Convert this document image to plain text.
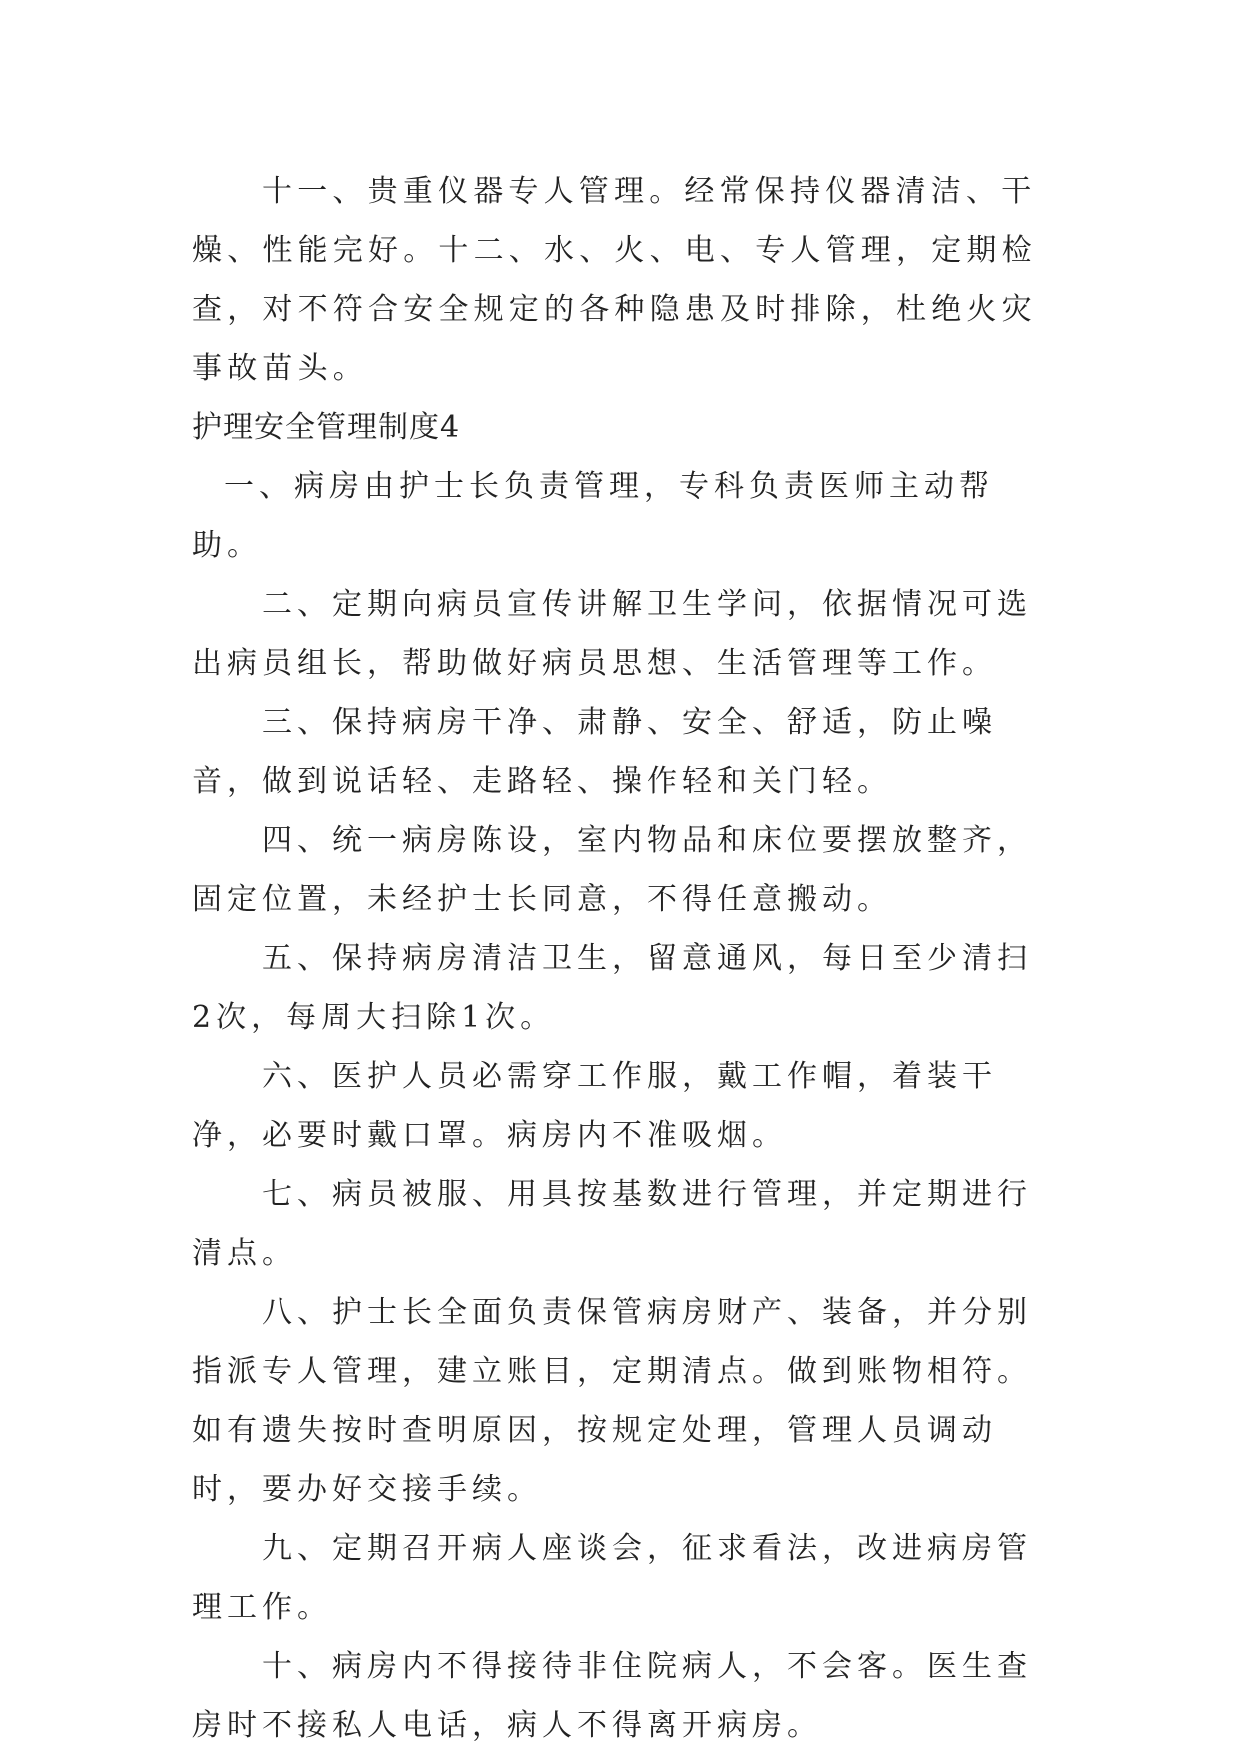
十一、贵重仪器专人管理。经常保持仪器清洁、干燥、性能完好。十二、水、火、电、专人管理，定期检查，对不符合安全规定的各种隐患及时排除，杜绝火灾事故苗头。

护理安全管理制度4

一、病房由护士长负责管理，专科负责医师主动帮助。

二、定期向病员宣传讲解卫生学问，依据情况可选出病员组长，帮助做好病员思想、生活管理等工作。

三、保持病房干净、肃静、安全、舒适，防止噪音，做到说话轻、走路轻、操作轻和关门轻。

四、统一病房陈设，室内物品和床位要摆放整齐，固定位置，未经护士长同意，不得任意搬动。

五、保持病房清洁卫生，留意通风，每日至少清扫2次，每周大扫除1次。

六、医护人员必需穿工作服，戴工作帽，着装干净，必要时戴口罩。病房内不准吸烟。

七、病员被服、用具按基数进行管理，并定期进行清点。

八、护士长全面负责保管病房财产、装备，并分别指派专人管理，建立账目，定期清点。做到账物相符。如有遗失按时查明原因，按规定处理，管理人员调动时，要办好交接手续。

九、定期召开病人座谈会，征求看法，改进病房管理工作。

十、病房内不得接待非住院病人，不会客。医生查房时不接私人电话，病人不得离开病房。
